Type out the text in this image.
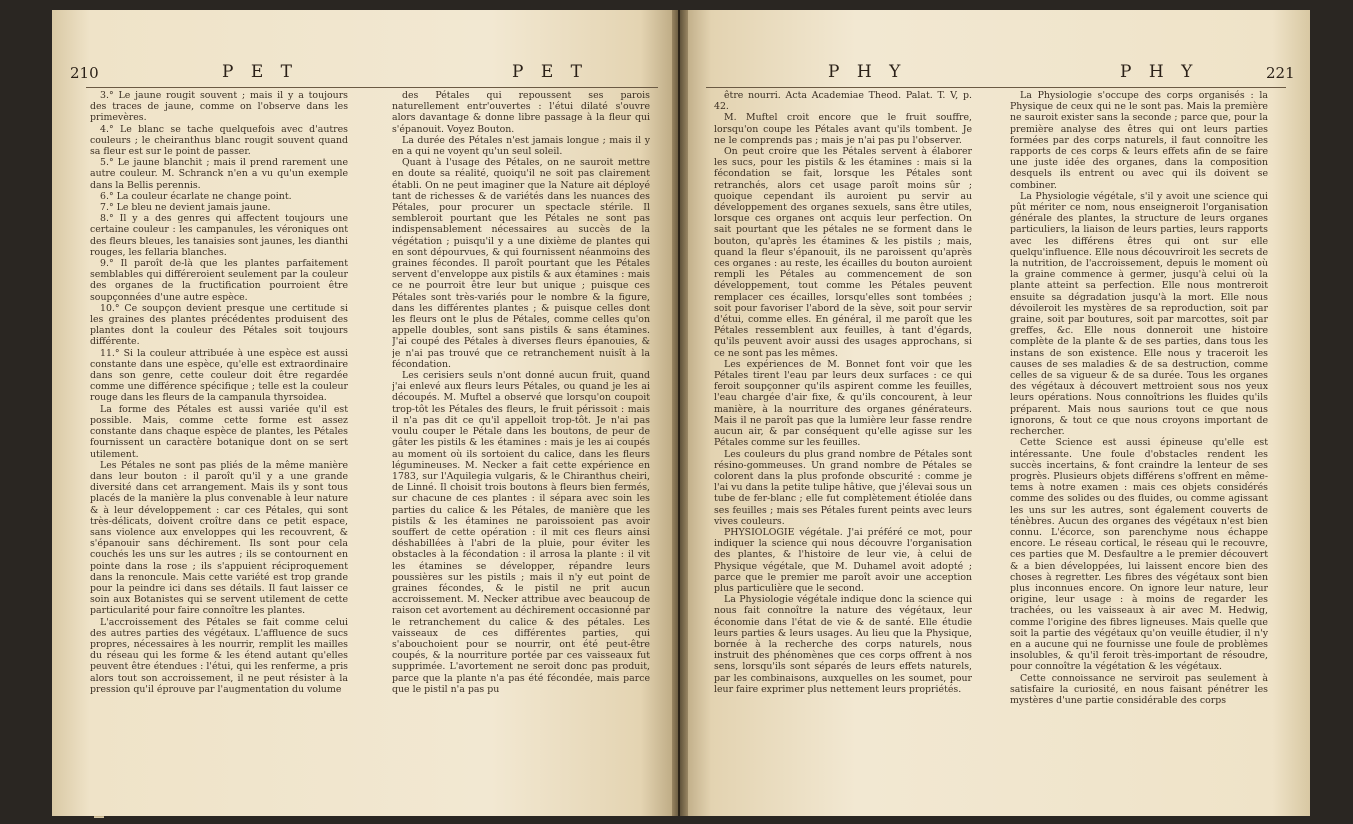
210	P E T	P E T

3.° Le jaune rougit souvent ; mais il y a toujours des traces de jaune, comme on l'observe dans les primevères.

4.° Le blanc se tache quelquefois avec d'autres couleurs ; le cheiranthus blanc rougit souvent quand sa fleur est sur le point de passer.

5.° Le jaune blanchit ; mais il prend rarement une autre couleur. M. Schranck n'en a vu qu'un exemple dans la Bellis perennis.

6.° La couleur écarlate ne change point.

7.° Le bleu ne devient jamais jaune.

8.° Il y a des genres qui affectent toujours une certaine couleur : les campanules, les véroniques ont des fleurs bleues, les tanaisies sont jaunes, les dianthi rouges, les fellaria blanches.

9.° Il paroît de-là que les plantes parfaitement semblables qui différeroient seulement par la couleur des organes de la fructification pourroient être soupçonnées d'une autre espèce.

10.° Ce soupçon devient presque une certitude si les graines des plantes précédentes produisent des plantes dont la couleur des Pétales soit toujours différente.

11.° Si la couleur attribuée à une espèce est aussi constante dans une espèce, qu'elle est extraordinaire dans son genre, cette couleur doit être regardée comme une différence spécifique ; telle est la couleur rouge dans les fleurs de la campanula thyrsoidea.

La forme des Pétales est aussi variée qu'il est possible. Mais, comme cette forme est assez constante dans chaque espèce de plantes, les Pétales fournissent un caractère botanique dont on se sert utilement.

Les Pétales ne sont pas pliés de la même manière dans leur bouton : il paroît qu'il y a une grande diversité dans cet arrangement. Mais ils y sont tous placés de la manière la plus convenable à leur nature & à leur développement : car ces Pétales, qui sont très-délicats, doivent croître dans ce petit espace, sans violence aux enveloppes qui les recouvrent, & s'épanouir sans déchirement. Ils sont pour cela couchés les uns sur les autres ; ils se contournent en pointe dans la rose ; ils s'appuient réciproquement dans la renoncule. Mais cette variété est trop grande pour la peindre ici dans ses détails. Il faut laisser ce soin aux Botanistes qui se servent utilement de cette particularité pour faire connoître les plantes.

L'accroissement des Pétales se fait comme celui des autres parties des végétaux. L'affluence de sucs propres, nécessaires à les nourrir, remplit les mailles du réseau qui les forme & les étend autant qu'elles peuvent être étendues : l'étui, qui les renferme, a pris alors tout son accroissement, il ne peut résister à la pression qu'il éprouve par l'augmentation du volume

des Pétales qui repoussent ses parois naturellement entr'ouvertes : l'étui dilaté s'ouvre alors davantage & donne libre passage à la fleur qui s'épanouit. Voyez Bouton.

La durée des Pétales n'est jamais longue ; mais il y en a qui ne voyent qu'un seul soleil.

Quant à l'usage des Pétales, on ne sauroit mettre en doute sa réalité, quoiqu'il ne soit pas clairement établi. On ne peut imaginer que la Nature ait déployé tant de richesses & de variétés dans les nuances des Pétales, pour procurer un spectacle stérile. Il sembleroit pourtant que les Pétales ne sont pas indispensablement nécessaires au succès de la végétation ; puisqu'il y a une dixième de plantes qui en sont dépourvues, & qui fournissent néanmoins des graines fécondes. Il paroît pourtant que les Pétales servent d'enveloppe aux pistils & aux étamines : mais ce ne pourroit être leur but unique ; puisque ces Pétales sont très-variés pour le nombre & la figure, dans les différentes plantes ; & puisque celles dont les fleurs ont le plus de Pétales, comme celles qu'on appelle doubles, sont sans pistils & sans étamines. J'ai coupé des Pétales à diverses fleurs épanouies, & je n'ai pas trouvé que ce retranchement nuisît à la fécondation.

Les cerisiers seuls n'ont donné aucun fruit, quand j'ai enlevé aux fleurs leurs Pétales, ou quand je les ai découpés. M. Muftel a observé que lorsqu'on coupoit trop-tôt les Pétales des fleurs, le fruit périssoit : mais il n'a pas dit ce qu'il appelloit trop-tôt. Je n'ai pas voulu couper le Pétale dans les boutons, de peur de gâter les pistils & les étamines : mais je les ai coupés au moment où ils sortoient du calice, dans les fleurs légumineuses. M. Necker a fait cette expérience en 1783, sur l'Aquilegia vulgaris, & le Chiranthus cheiri, de Linné. Il choisit trois boutons à fleurs bien fermés, sur chacune de ces plantes : il sépara avec soin les parties du calice & les Pétales, de manière que les pistils & les étamines ne paroissoient pas avoir souffert de cette opération : il mit ces fleurs ainsi déshabillées à l'abri de la pluie, pour éviter les obstacles à la fécondation : il arrosa la plante : il vit les étamines se développer, répandre leurs poussières sur les pistils ; mais il n'y eut point de graines fécondes, & le pistil ne prit aucun accroissement. M. Necker attribue avec beaucoup de raison cet avortement au déchirement occasionné par le retranchement du calice & des pétales. Les vaisseaux de ces différentes parties, qui s'abouchoient pour se nourrir, ont été peut-être coupés, & la nourriture portée par ces vaisseaux fut supprimée. L'avortement ne seroit donc pas produit, parce que la plante n'a pas été fécondée, mais parce que le pistil n'a pas pu

P H Y	P H Y	221

être nourri. Acta Academiae Theod. Palat. T. V, p. 42.

M. Muftel croit encore que le fruit souffre, lorsqu'on coupe les Pétales avant qu'ils tombent. Je ne le comprends pas ; mais je n'ai pas pu l'observer.

On peut croire que les Pétales servent à élaborer les sucs, pour les pistils & les étamines : mais si la fécondation se fait, lorsque les Pétales sont retranchés, alors cet usage paroît moins sûr ; quoique cependant ils auroient pu servir au développement des organes sexuels, sans être utiles, lorsque ces organes ont acquis leur perfection. On sait pourtant que les pétales ne se forment dans le bouton, qu'après les étamines & les pistils ; mais, quand la fleur s'épanouit, ils ne paroissent qu'après ces organes : au reste, les écailles du bouton auroient rempli les Pétales au commencement de son développement, tout comme les Pétales peuvent remplacer ces écailles, lorsqu'elles sont tombées ; soit pour favoriser l'abord de la sève, soit pour servir d'étui, comme elles. En général, il me paroît que les Pétales ressemblent aux feuilles, à tant d'égards, qu'ils peuvent avoir aussi des usages approchans, si ce ne sont pas les mêmes.

Les expériences de M. Bonnet font voir que les Pétales tirent l'eau par leurs deux surfaces : ce qui feroit soupçonner qu'ils aspirent comme les feuilles, l'eau chargée d'air fixe, & qu'ils concourent, à leur manière, à la nourriture des organes générateurs. Mais il ne paroît pas que la lumière leur fasse rendre aucun air, & par conséquent qu'elle agisse sur les Pétales comme sur les feuilles.

Les couleurs du plus grand nombre de Pétales sont résino-gommeuses. Un grand nombre de Pétales se colorent dans la plus profonde obscurité : comme je l'ai vu dans la petite tulipe hâtive, que j'élevai sous un tube de fer-blanc ; elle fut complètement étiolée dans ses feuilles ; mais ses Pétales furent peints avec leurs vives couleurs.

PHYSIOLOGIE végétale. J'ai préféré ce mot, pour indiquer la science qui nous découvre l'organisation des plantes, & l'histoire de leur vie, à celui de Physique végétale, que M. Duhamel avoit adopté ; parce que le premier me paroît avoir une acception plus particulière que le second.

La Physiologie végétale indique donc la science qui nous fait connoître la nature des végétaux, leur économie dans l'état de vie & de santé. Elle étudie leurs parties & leurs usages. Au lieu que la Physique, bornée à la recherche des corps naturels, nous instruit des phénomènes que ces corps offrent à nos sens, lorsqu'ils sont séparés de leurs effets naturels, par les combinaisons, auxquelles on les soumet, pour leur faire exprimer plus nettement leurs propriétés.

La Physiologie s'occupe des corps organisés : la Physique de ceux qui ne le sont pas. Mais la première ne sauroit exister sans la seconde ; parce que, pour la première analyse des êtres qui ont leurs parties formées par des corps naturels, il faut connoître les rapports de ces corps & leurs effets afin de se faire une juste idée des organes, dans la composition desquels ils entrent ou avec qui ils doivent se combiner.

La Physiologie végétale, s'il y avoit une science qui pût mériter ce nom, nous enseigneroit l'organisation générale des plantes, la structure de leurs organes particuliers, la liaison de leurs parties, leurs rapports avec les différens êtres qui ont sur elle quelqu'influence. Elle nous découvriroit les secrets de la nutrition, de l'accroissement, depuis le moment où la graine commence à germer, jusqu'à celui où la plante atteint sa perfection. Elle nous montreroit ensuite sa dégradation jusqu'à la mort. Elle nous dévoileroit les mystères de sa reproduction, soit par graine, soit par boutures, soit par marcottes, soit par greffes, &c. Elle nous donneroit une histoire complète de la plante & de ses parties, dans tous les instans de son existence. Elle nous y traceroit les causes de ses maladies & de sa destruction, comme celles de sa vigueur & de sa durée. Tous les organes des végétaux à découvert mettroient sous nos yeux leurs opérations. Nous connoîtrions les fluides qu'ils préparent. Mais nous saurions tout ce que nous ignorons, & tout ce que nous croyons important de rechercher.

Cette Science est aussi épineuse qu'elle est intéressante. Une foule d'obstacles rendent les succès incertains, & font craindre la lenteur de ses progrès. Plusieurs objets différens s'offrent en même-tems à notre examen : mais ces objets considérés comme des solides ou des fluides, ou comme agissant les uns sur les autres, sont également couverts de ténèbres. Aucun des organes des végétaux n'est bien connu. L'écorce, son parenchyme nous échappe encore. Le réseau cortical, le réseau qui le recouvre, ces parties que M. Desfaultre a le premier découvert & a bien développées, lui laissent encore bien des choses à regretter. Les fibres des végétaux sont bien plus inconnues encore. On ignore leur nature, leur origine, leur usage : à moins de regarder les trachées, ou les vaisseaux à air avec M. Hedwig, comme l'origine des fibres ligneuses. Mais quelle que soit la partie des végétaux qu'on veuille étudier, il n'y en a aucune qui ne fournisse une foule de problèmes insolubles, & qu'il feroit très-important de résoudre, pour connoître la végétation & les végétaux.

Cette connoissance ne serviroit pas seulement à satisfaire la curiosité, en nous faisant pénétrer les mystères d'une partie considérable des corps
